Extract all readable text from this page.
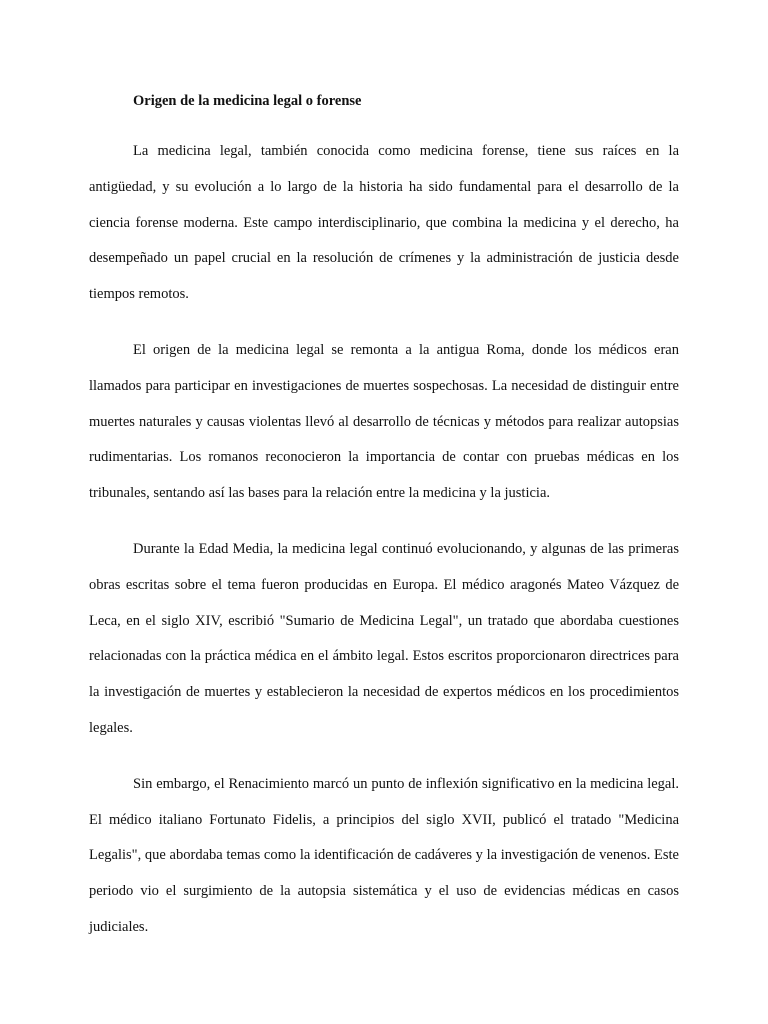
Origen de la medicina legal o forense

La medicina legal, también conocida como medicina forense, tiene sus raíces en la antigüedad, y su evolución a lo largo de la historia ha sido fundamental para el desarrollo de la ciencia forense moderna. Este campo interdisciplinario, que combina la medicina y el derecho, ha desempeñado un papel crucial en la resolución de crímenes y la administración de justicia desde tiempos remotos.

El origen de la medicina legal se remonta a la antigua Roma, donde los médicos eran llamados para participar en investigaciones de muertes sospechosas. La necesidad de distinguir entre muertes naturales y causas violentas llevó al desarrollo de técnicas y métodos para realizar autopsias rudimentarias. Los romanos reconocieron la importancia de contar con pruebas médicas en los tribunales, sentando así las bases para la relación entre la medicina y la justicia.

Durante la Edad Media, la medicina legal continuó evolucionando, y algunas de las primeras obras escritas sobre el tema fueron producidas en Europa. El médico aragonés Mateo Vázquez de Leca, en el siglo XIV, escribió "Sumario de Medicina Legal", un tratado que abordaba cuestiones relacionadas con la práctica médica en el ámbito legal. Estos escritos proporcionaron directrices para la investigación de muertes y establecieron la necesidad de expertos médicos en los procedimientos legales.

Sin embargo, el Renacimiento marcó un punto de inflexión significativo en la medicina legal. El médico italiano Fortunato Fidelis, a principios del siglo XVII, publicó el tratado "Medicina Legalis", que abordaba temas como la identificación de cadáveres y la investigación de venenos. Este periodo vio el surgimiento de la autopsia sistemática y el uso de evidencias médicas en casos judiciales.
